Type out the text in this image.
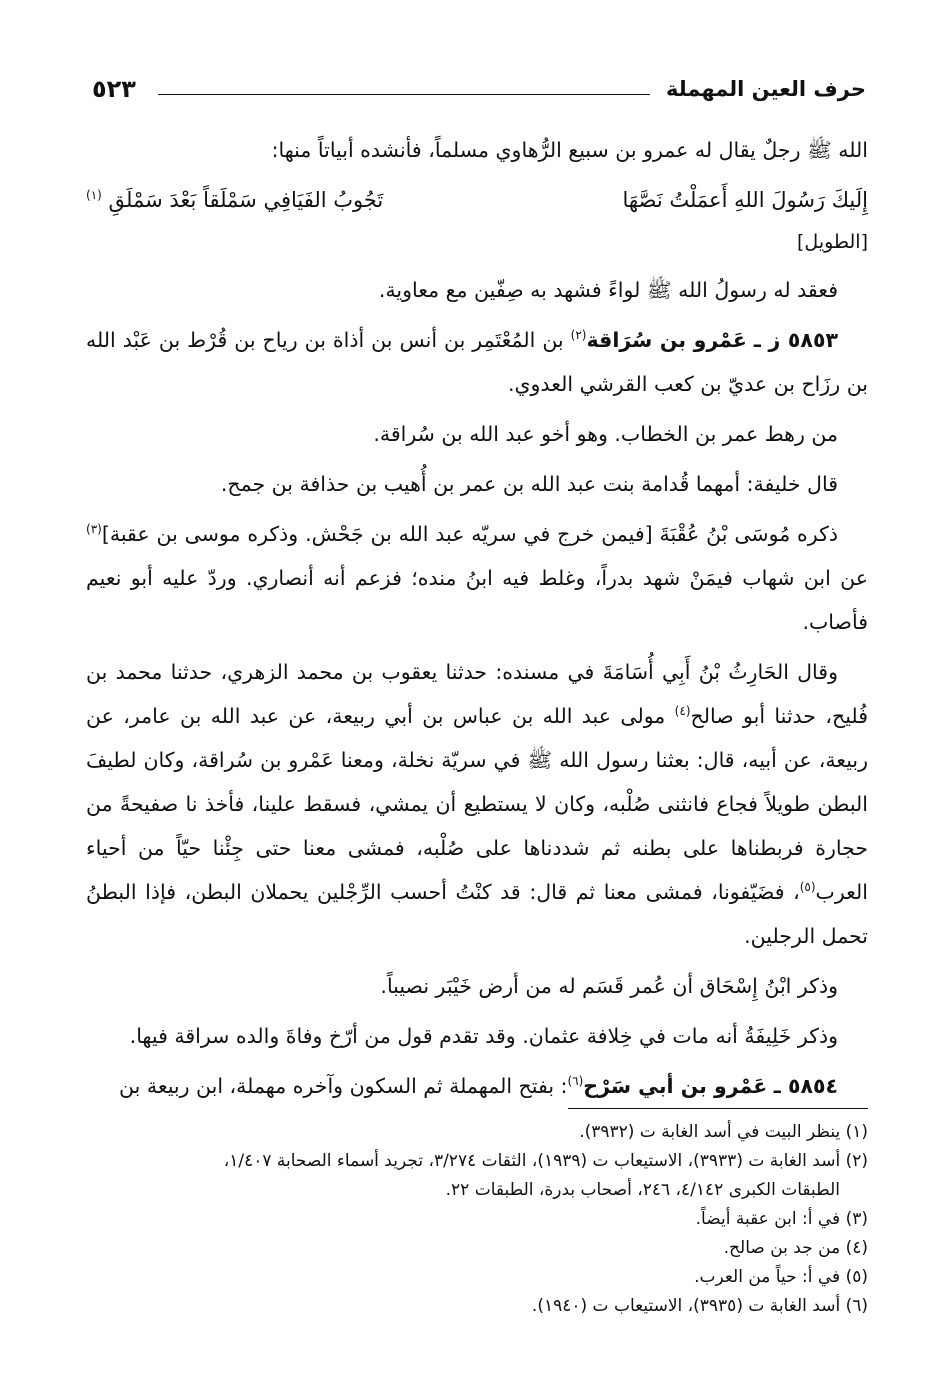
حرف العين المهملة
٥٢٣

الله ﷺ رجلٌ يقال له عمرو بن سبيع الرُّهاوي مسلماً، فأنشده أبياتاً منها:

إِلَيكَ رَسُولَ اللهِ أَعمَلْتُ نَصَّهَا
تَجُوبُ الفَيَافِي سَمْلَقاً بَعْدَ سَمْلَقِ $^{(١)}$

[الطويل]

فعقد له رسولُ الله ﷺ لواءً فشهد به صِفّين مع معاوية.

٥٨٥٣ ز ـ عَمْرو بن سُرَاقة$^{(٢)}$ بن المُعْتَمِر بن أنس بن أذاة بن رياح بن قُرْط بن عَبْد الله بن رزَاح بن عديّ بن كعب القرشي العدوي.

من رهط عمر بن الخطاب. وهو أخو عبد الله بن سُراقة.

قال خليفة: أمهما قُدامة بنت عبد الله بن عمر بن أُهيب بن حذافة بن جمح.

ذكره مُوسَى بْنُ عُقْبَةَ [فيمن خرج في سريّه عبد الله بن جَحْش. وذكره موسى بن عقبة]$^{(٣)}$ عن ابن شهاب فيمَنْ شهد بدراً، وغلط فيه ابنُ منده؛ فزعم أنه أنصاري. وردّ عليه أبو نعيم فأصاب.

وقال الحَارِثُ بْنُ أَبِي أُسَامَةَ في مسنده: حدثنا يعقوب بن محمد الزهري، حدثنا محمد بن فُليح، حدثنا أبو صالح$^{(٤)}$ مولى عبد الله بن عباس بن أبي ربيعة، عن عبد الله بن عامر، عن ربيعة، عن أبيه، قال: بعثنا رسول الله ﷺ في سريّة نخلة، ومعنا عَمْرو بن سُراقة، وكان لطيفَ البطن طويلاً فجاع فانثنى صُلْبه، وكان لا يستطيع أن يمشي، فسقط علينا، فأخذ نا صفيحةً من حجارة فربطناها على بطنه ثم شددناها على صُلْبه، فمشى معنا حتى جِئْنا حيّاً من أحياء العرب$^{(٥)}$، فضَيّفونا، فمشى معنا ثم قال: قد كنْتُ أحسب الرِّجْلين يحملان البطن، فإذا البطنُ تحمل الرجلين.

وذكر ابْنُ إِسْحَاق أن عُمر قَسَم له من أرض خَيْبَر نصيباً.

وذكر خَلِيفَةُ أنه مات في خِلافة عثمان. وقد تقدم قول من أرّخ وفاةَ والده سراقة فيها.

٥٨٥٤ ـ عَمْرو بن أبي سَرْح$^{(٦)}$: بفتح المهملة ثم السكون وآخره مهملة، ابن ربيعة بن

(١) ينظر البيت في أسد الغابة ت (٣٩٣٢).

(٢) أسد الغابة ت (٣٩٣٣)، الاستيعاب ت (١٩٣٩)، الثقات ٣/٢٧٤، تجريد أسماء الصحابة ١/٤٠٧،

الطبقات الكبرى ٤/١٤٢، ٢٤٦، أصحاب بدرة، الطبقات ٢٢.

(٣) في أ: ابن عقبة أيضاً.

(٤) من جد بن صالح.

(٥) في أ: حياً من العرب.

(٦) أسد الغابة ت (٣٩٣٥)، الاستيعاب ت (١٩٤٠).
